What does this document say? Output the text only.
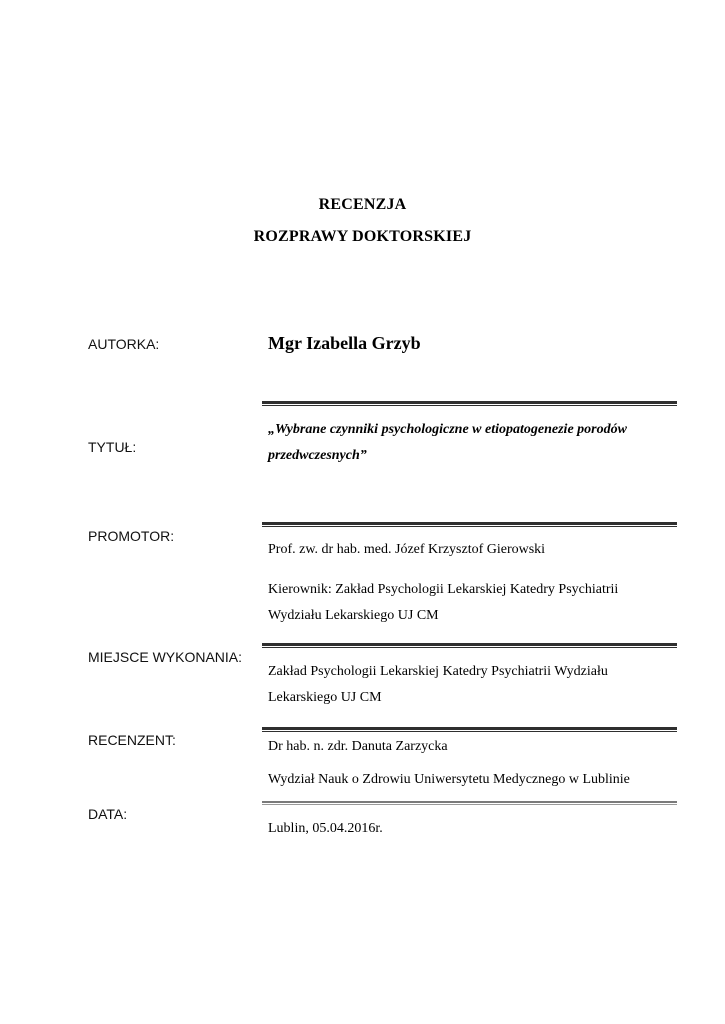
RECENZJA
ROZPRAWY DOKTORSKIEJ
AUTORKA:	Mgr Izabella Grzyb
TYTUŁ:
„Wybrane czynniki psychologiczne w etiopatogenezie porodów przedwczesnych”
PROMOTOR:
Prof. zw. dr hab. med. Józef Krzysztof Gierowski
Kierownik: Zakład Psychologii Lekarskiej Katedry Psychiatrii Wydziału Lekarskiego UJ CM
MIEJSCE WYKONANIA:
Zakład Psychologii Lekarskiej Katedry Psychiatrii Wydziału Lekarskiego UJ CM
RECENZENT:	Dr hab. n. zdr. Danuta Zarzycka
Wydział Nauk o Zdrowiu Uniwersytetu Medycznego w Lublinie
DATA:
Lublin, 05.04.2016r.
